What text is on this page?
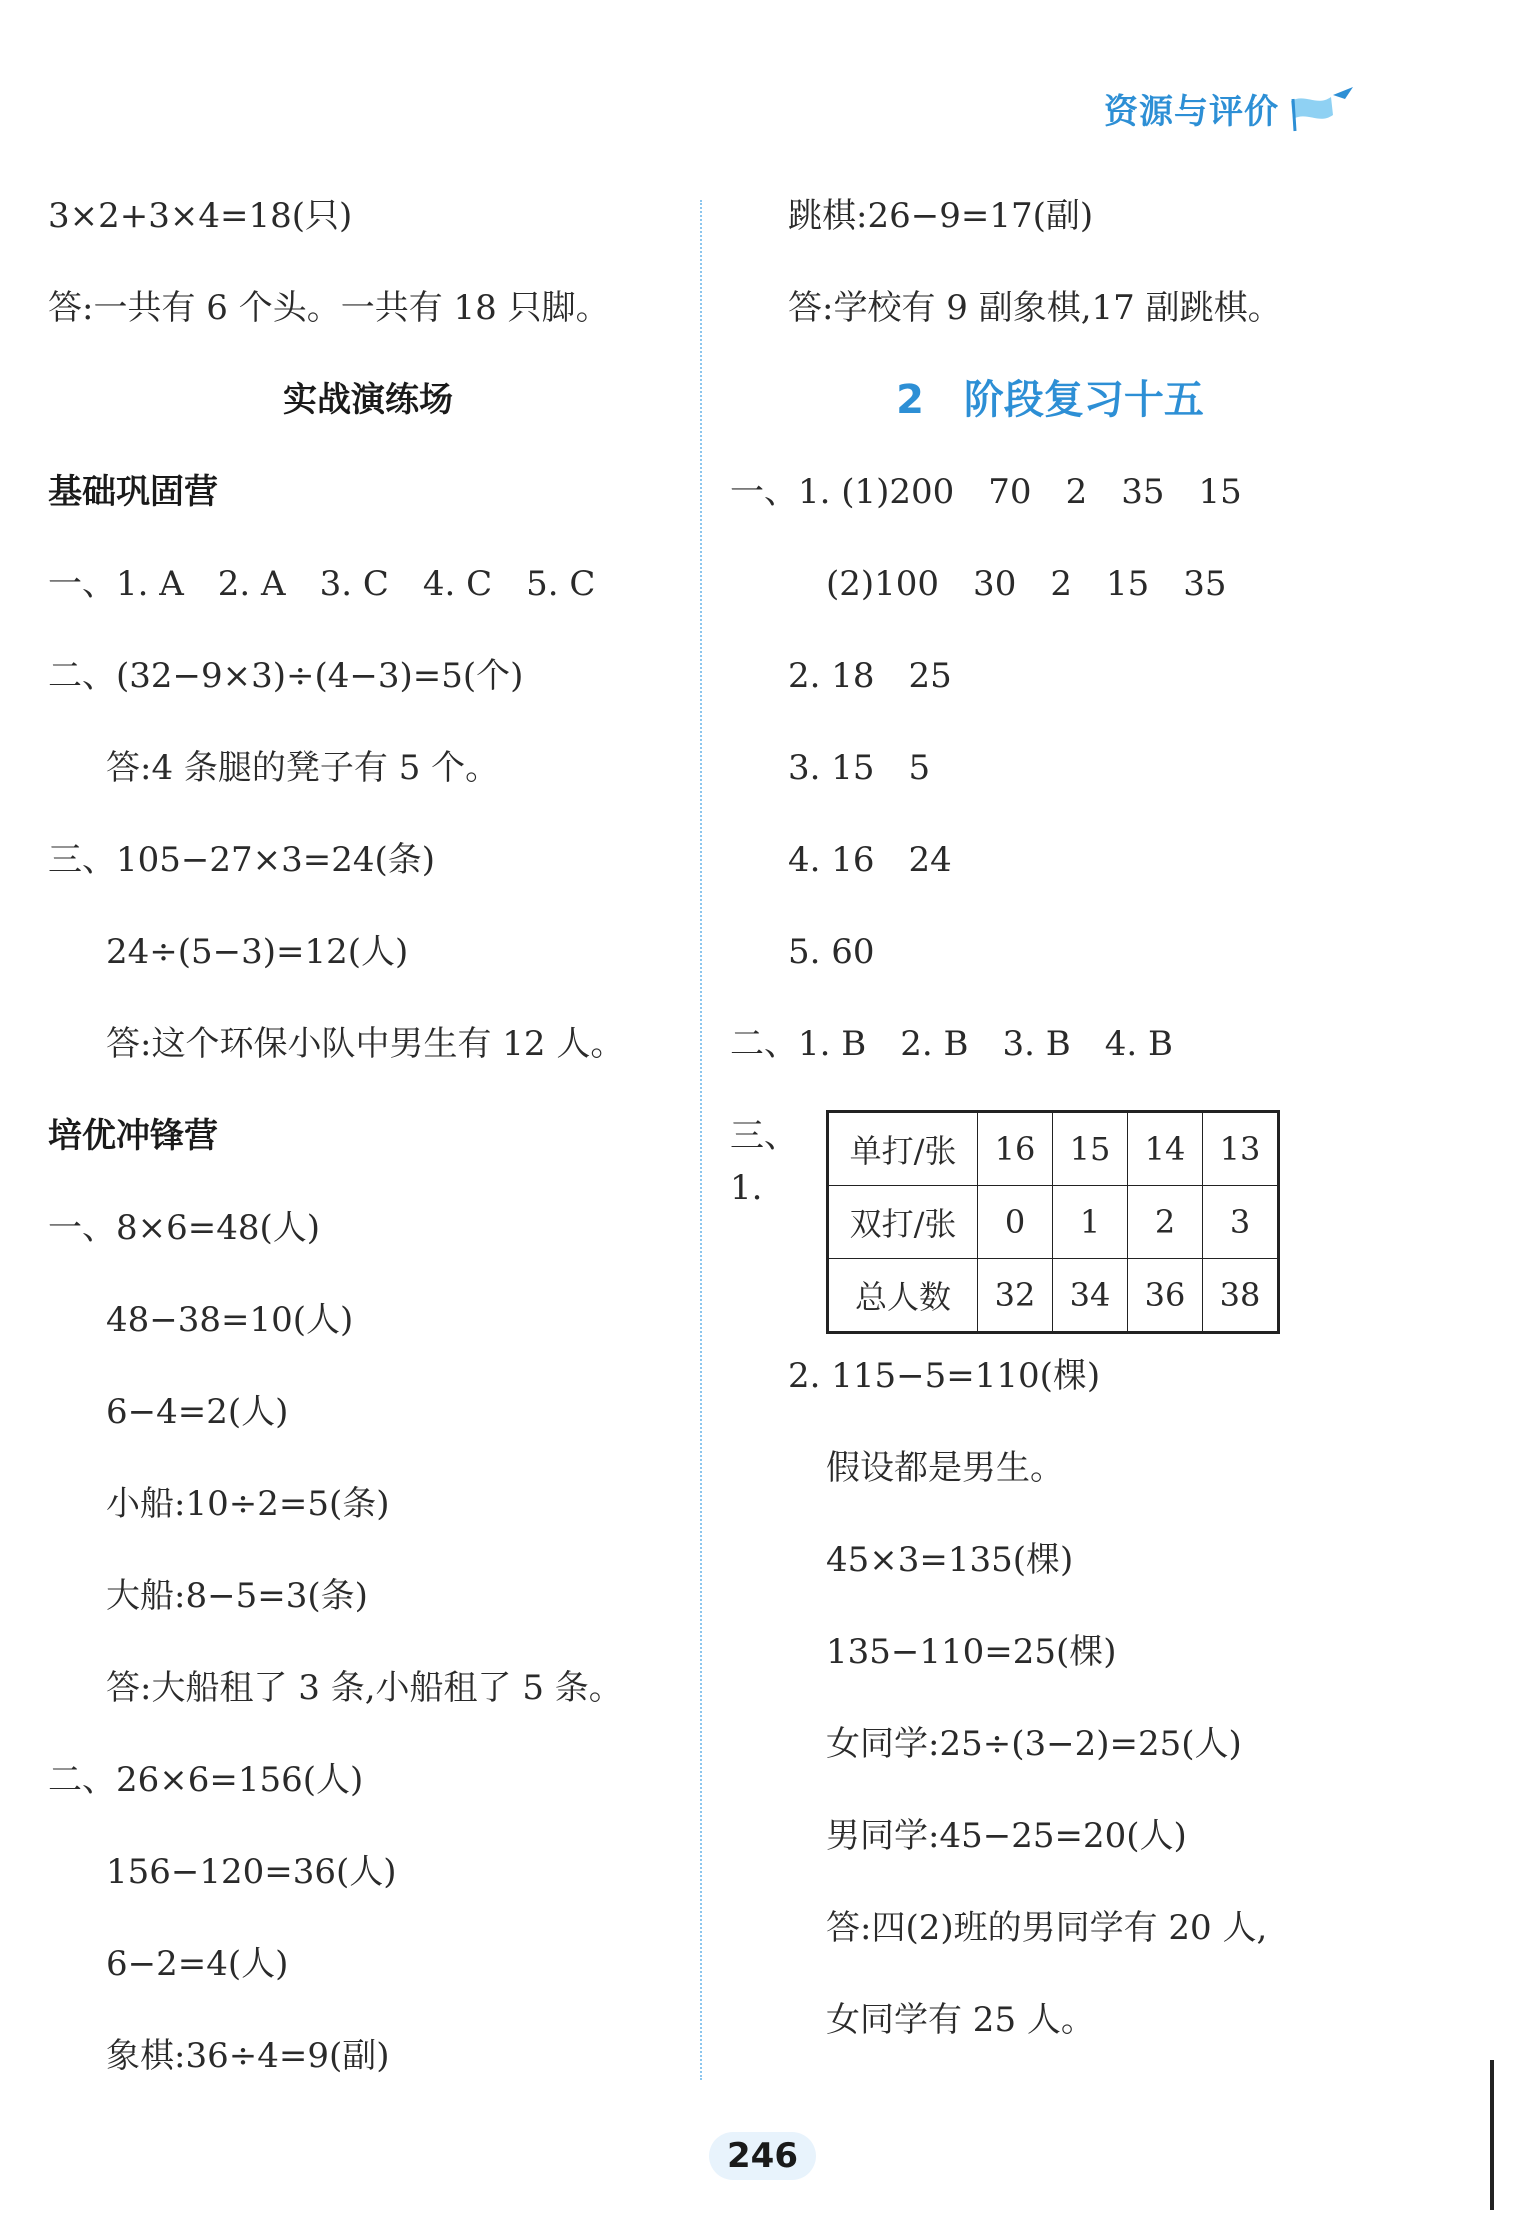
资源与评价
3×2+3×4=18(只)
答:一共有 6 个头。一共有 18 只脚。
实战演练场
基础巩固营
一、1. A　2. A　3. C　4. C　5. C
二、(32−9×3)÷(4−3)=5(个)
答:4 条腿的凳子有 5 个。
三、105−27×3=24(条)
24÷(5−3)=12(人)
答:这个环保小队中男生有 12 人。
培优冲锋营
一、8×6=48(人)
48−38=10(人)
6−4=2(人)
小船:10÷2=5(条)
大船:8−5=3(条)
答:大船租了 3 条,小船租了 5 条。
二、26×6=156(人)
156−120=36(人)
6−2=4(人)
象棋:36÷4=9(副)
跳棋:26−9=17(副)
答:学校有 9 副象棋,17 副跳棋。
2　阶段复习十五
一、1. (1)200　70　2　35　15
(2)100　30　2　15　35
2. 18　25
3. 15　5
4. 16　24
5. 60
二、1. B　2. B　3. B　4. B
三、1.
单打/张	16	15	14	13
双打/张	0	1	2	3
总人数	32	34	36	38
2. 115−5=110(棵)
假设都是男生。
45×3=135(棵)
135−110=25(棵)
女同学:25÷(3−2)=25(人)
男同学:45−25=20(人)
答:四(2)班的男同学有 20 人,
女同学有 25 人。
246
